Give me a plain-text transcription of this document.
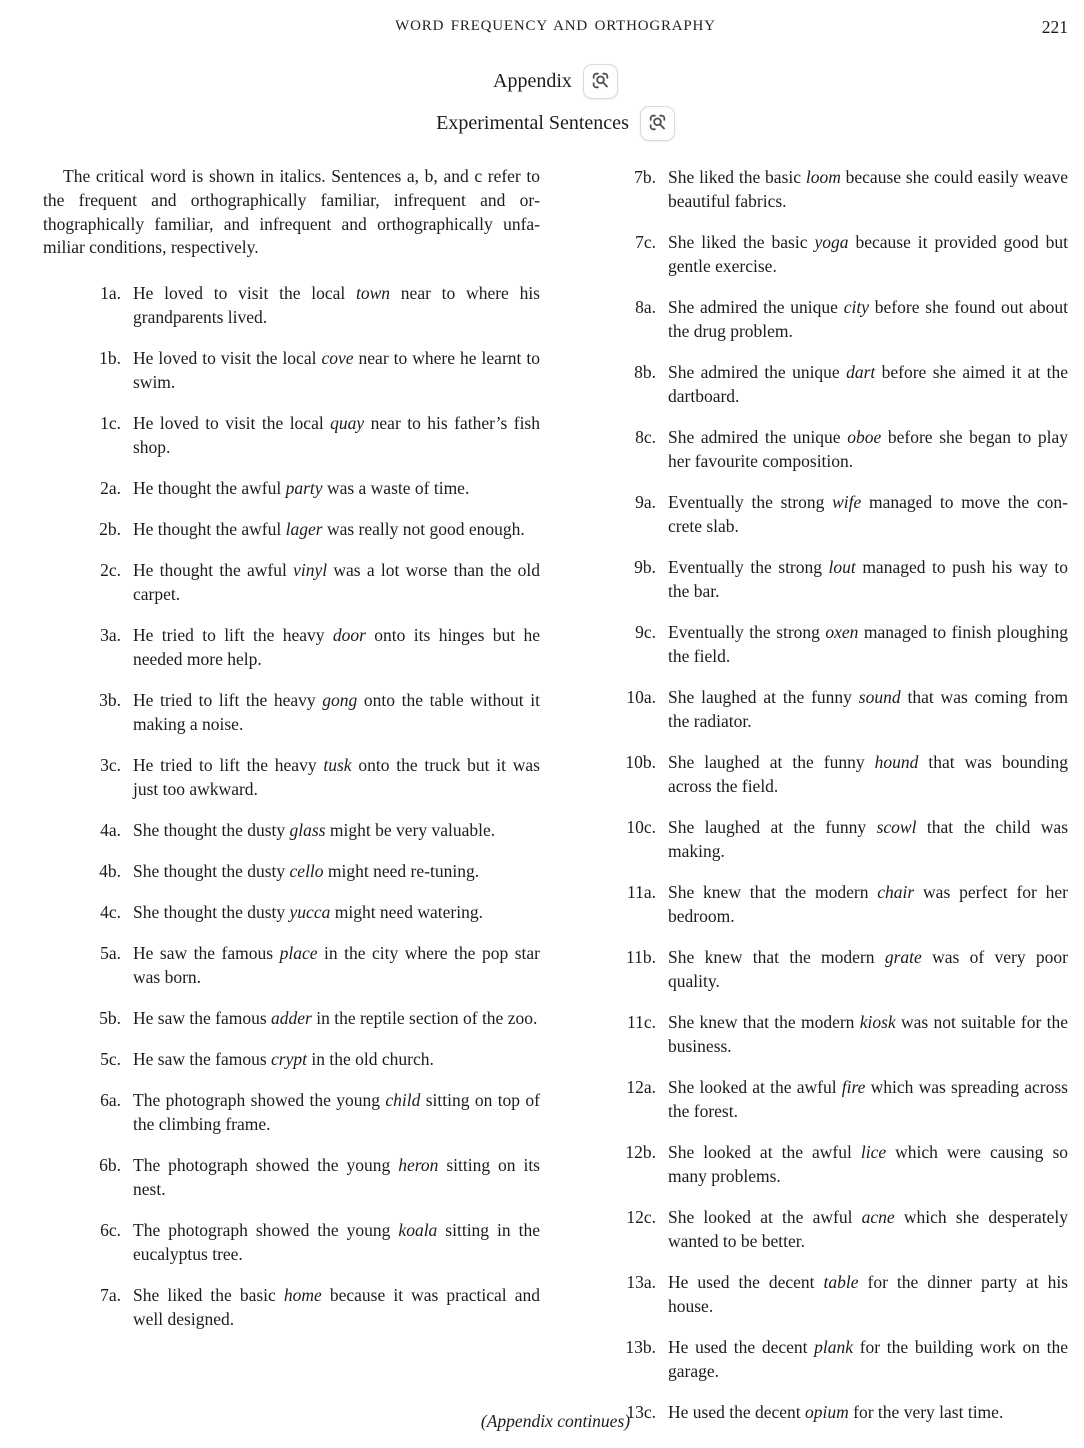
WORD FREQUENCY AND ORTHOGRAPHY	221
Appendix
Experimental Sentences

The critical word is shown in italics. Sentences a, b, and c refer to the frequent and orthographically familiar, infrequent and orthographically familiar, and infrequent and orthographically unfamiliar conditions, respectively.

1a. He loved to visit the local town near to where his grandparents lived.
1b. He loved to visit the local cove near to where he learnt to swim.
1c. He loved to visit the local quay near to his father’s fish shop.
2a. He thought the awful party was a waste of time.
2b. He thought the awful lager was really not good enough.
2c. He thought the awful vinyl was a lot worse than the old carpet.
3a. He tried to lift the heavy door onto its hinges but he needed more help.
3b. He tried to lift the heavy gong onto the table without it making a noise.
3c. He tried to lift the heavy tusk onto the truck but it was just too awkward.
4a. She thought the dusty glass might be very valuable.
4b. She thought the dusty cello might need re-tuning.
4c. She thought the dusty yucca might need watering.
5a. He saw the famous place in the city where the pop star was born.
5b. He saw the famous adder in the reptile section of the zoo.
5c. He saw the famous crypt in the old church.
6a. The photograph showed the young child sitting on top of the climbing frame.
6b. The photograph showed the young heron sitting on its nest.
6c. The photograph showed the young koala sitting in the eucalyptus tree.
7a. She liked the basic home because it was practical and well designed.
7b. She liked the basic loom because she could easily weave beautiful fabrics.
7c. She liked the basic yoga because it provided good but gentle exercise.
8a. She admired the unique city before she found out about the drug problem.
8b. She admired the unique dart before she aimed it at the dartboard.
8c. She admired the unique oboe before she began to play her favourite composition.
9a. Eventually the strong wife managed to move the concrete slab.
9b. Eventually the strong lout managed to push his way to the bar.
9c. Eventually the strong oxen managed to finish ploughing the field.
10a. She laughed at the funny sound that was coming from the radiator.
10b. She laughed at the funny hound that was bounding across the field.
10c. She laughed at the funny scowl that the child was making.
11a. She knew that the modern chair was perfect for her bedroom.
11b. She knew that the modern grate was of very poor quality.
11c. She knew that the modern kiosk was not suitable for the business.
12a. She looked at the awful fire which was spreading across the forest.
12b. She looked at the awful lice which were causing so many problems.
12c. She looked at the awful acne which she desperately wanted to be better.
13a. He used the decent table for the dinner party at his house.
13b. He used the decent plank for the building work on the garage.
13c. He used the decent opium for the very last time.
(Appendix continues)
